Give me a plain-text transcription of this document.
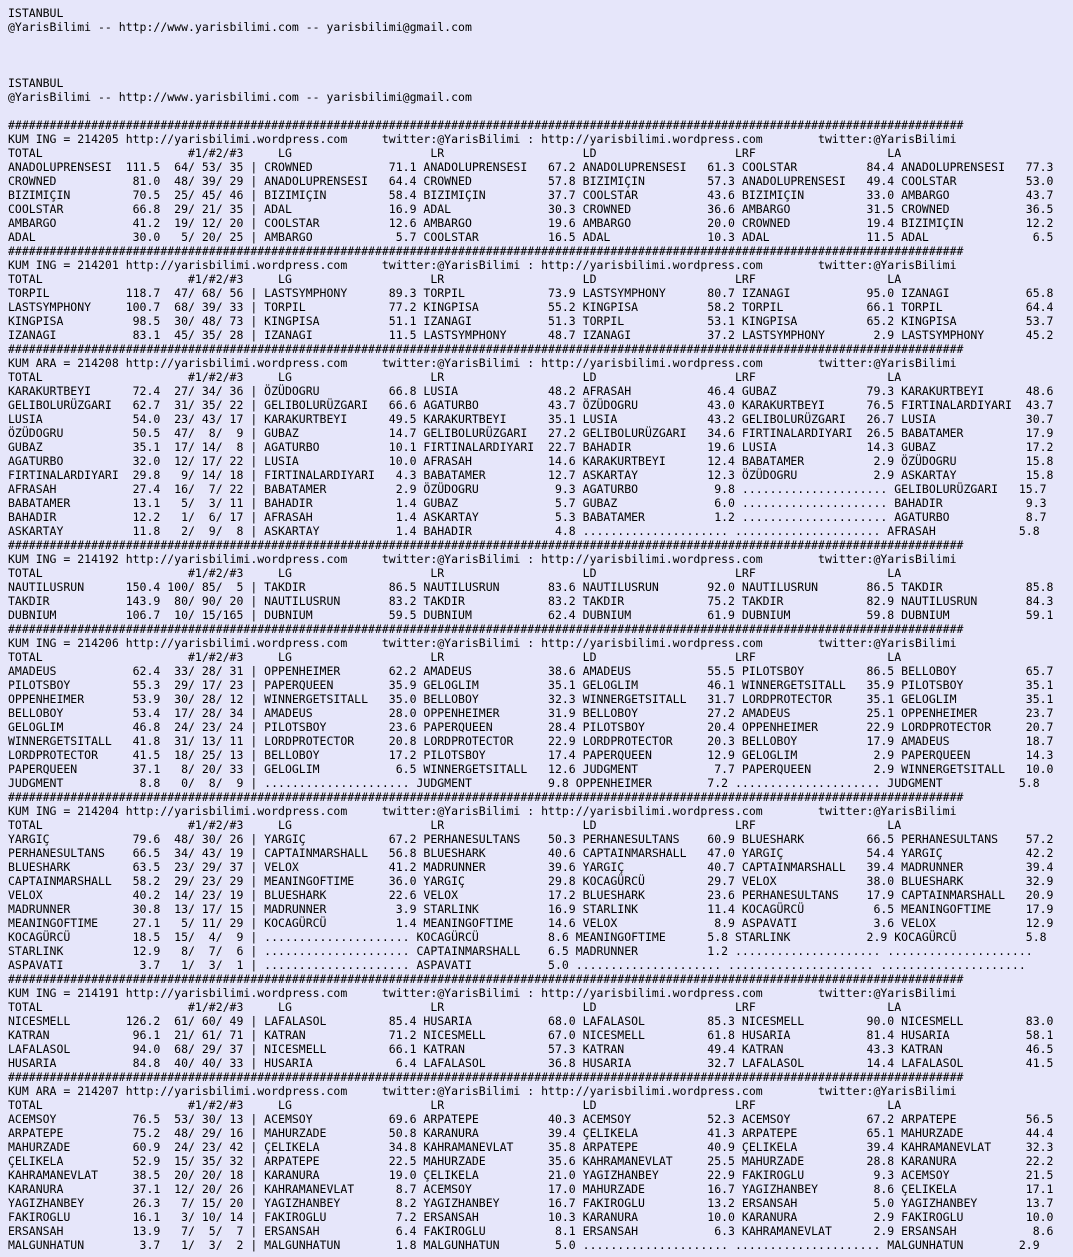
ISTANBUL
@YarisBilimi -- http://www.yarisbilimi.com -- yarisbilimi@gmail.com

ISTANBUL
@YarisBilimi -- http://www.yarisbilimi.com -- yarisbilimi@gmail.com

##########################################################################################################################################
KUM ING = 214205 http://yarisbilimi.wordpress.com     twitter:@YarisBilimi : http://yarisbilimi.wordpress.com        twitter:@YarisBilimi
TOTAL                     #1/#2/#3     LG                    LR                    LD                    LRF                   LA
ANADOLUPRENSESI  111.5  64/ 53/ 35 | CROWNED           71.1 ANADOLUPRENSESI   67.2 ANADOLUPRENSESI   61.3 COOLSTAR          84.4 ANADOLUPRENSESI   77.3
CROWNED           81.0  48/ 39/ 29 | ANADOLUPRENSESI   64.4 CROWNED           57.8 BIZIMIÇIN         57.3 ANADOLUPRENSESI   49.4 COOLSTAR          53.0
BIZIMIÇIN         70.5  25/ 45/ 46 | BIZIMIÇIN         58.4 BIZIMIÇIN         37.7 COOLSTAR          43.6 BIZIMIÇIN         33.0 AMBARGO           43.7
COOLSTAR          66.8  29/ 21/ 35 | ADAL              16.9 ADAL              30.3 CROWNED           36.6 AMBARGO           31.5 CROWNED           36.5
AMBARGO           41.2  19/ 12/ 20 | COOLSTAR          12.6 AMBARGO           19.6 AMBARGO           20.0 CROWNED           19.4 BIZIMIÇIN         12.2
ADAL              30.0   5/ 20/ 25 | AMBARGO            5.7 COOLSTAR          16.5 ADAL              10.3 ADAL              11.5 ADAL               6.5
##########################################################################################################################################
KUM ING = 214201 http://yarisbilimi.wordpress.com     twitter:@YarisBilimi : http://yarisbilimi.wordpress.com        twitter:@YarisBilimi
TOTAL                     #1/#2/#3     LG                    LR                    LD                    LRF                   LA
TORPIL           118.7  47/ 68/ 56 | LASTSYMPHONY      89.3 TORPIL            73.9 LASTSYMPHONY      80.7 IZANAGI           95.0 IZANAGI           65.8
LASTSYMPHONY     100.7  68/ 39/ 33 | TORPIL            77.2 KINGPISA          55.2 KINGPISA          58.2 TORPIL            66.1 TORPIL            64.4
KINGPISA          98.5  30/ 48/ 73 | KINGPISA          51.1 IZANAGI           51.3 TORPIL            53.1 KINGPISA          65.2 KINGPISA          53.7
IZANAGI           83.1  45/ 35/ 28 | IZANAGI           11.5 LASTSYMPHONY      48.7 IZANAGI           37.2 LASTSYMPHONY       2.9 LASTSYMPHONY      45.2
##########################################################################################################################################
KUM ARA = 214208 http://yarisbilimi.wordpress.com     twitter:@YarisBilimi : http://yarisbilimi.wordpress.com        twitter:@YarisBilimi
TOTAL                     #1/#2/#3     LG                    LR                    LD                    LRF                   LA
KARAKURTBEYI      72.4  27/ 34/ 36 | ÖZÜDOGRU          66.8 LUSIA             48.2 AFRASAH           46.4 GUBAZ             79.3 KARAKURTBEYI      48.6
GELIBOLURÜZGARI   62.7  31/ 35/ 22 | GELIBOLURÜZGARI   66.6 AGATURBO          43.7 ÖZÜDOGRU          43.0 KARAKURTBEYI      76.5 FIRTINALARDIYARI  43.7
LUSIA             54.0  23/ 43/ 17 | KARAKURTBEYI      49.5 KARAKURTBEYI      35.1 LUSIA             43.2 GELIBOLURÜZGARI   26.7 LUSIA             30.7
ÖZÜDOGRU          50.5  47/  8/  9 | GUBAZ             14.7 GELIBOLURÜZGARI   27.2 GELIBOLURÜZGARI   34.6 FIRTINALARDIYARI  26.5 BABATAMER         17.9
GUBAZ             35.1  17/ 14/  8 | AGATURBO          10.1 FIRTINALARDIYARI  22.7 BAHADIR           19.6 LUSIA             14.3 GUBAZ             17.2
AGATURBO          32.0  12/ 17/ 22 | LUSIA             10.0 AFRASAH           14.6 KARAKURTBEYI      12.4 BABATAMER          2.9 ÖZÜDOGRU          15.8
FIRTINALARDIYARI  29.8   9/ 14/ 18 | FIRTINALARDIYARI   4.3 BABATAMER         12.7 ASKARTAY          12.3 ÖZÜDOGRU           2.9 ASKARTAY          15.8
AFRASAH           27.4  16/  7/ 22 | BABATAMER          2.9 ÖZÜDOGRU           9.3 AGATURBO           9.8 ..................... GELIBOLURÜZGARI   15.7
BABATAMER         13.1   5/  3/ 11 | BAHADIR            1.4 GUBAZ              5.7 GUBAZ              6.0 ..................... BAHADIR            9.3
BAHADIR           12.2   1/  6/ 17 | AFRASAH            1.4 ASKARTAY           5.3 BABATAMER          1.2 ..................... AGATURBO           8.7
ASKARTAY          11.8   2/  9/  8 | ASKARTAY           1.4 BAHADIR            4.8 ..................... ..................... AFRASAH            5.8
##########################################################################################################################################
KUM ING = 214192 http://yarisbilimi.wordpress.com     twitter:@YarisBilimi : http://yarisbilimi.wordpress.com        twitter:@YarisBilimi
TOTAL                     #1/#2/#3     LG                    LR                    LD                    LRF                   LA
NAUTILUSRUN      150.4 100/ 85/  5 | TAKDIR            86.5 NAUTILUSRUN       83.6 NAUTILUSRUN       92.0 NAUTILUSRUN       86.5 TAKDIR            85.8
TAKDIR           143.9  80/ 90/ 20 | NAUTILUSRUN       83.2 TAKDIR            83.2 TAKDIR            75.2 TAKDIR            82.9 NAUTILUSRUN       84.3
DUBNIUM          106.7  10/ 15/165 | DUBNIUM           59.5 DUBNIUM           62.4 DUBNIUM           61.9 DUBNIUM           59.8 DUBNIUM           59.1
##########################################################################################################################################
KUM ING = 214206 http://yarisbilimi.wordpress.com     twitter:@YarisBilimi : http://yarisbilimi.wordpress.com        twitter:@YarisBilimi
TOTAL                     #1/#2/#3     LG                    LR                    LD                    LRF                   LA
AMADEUS           62.4  33/ 28/ 31 | OPPENHEIMER       62.2 AMADEUS           38.6 AMADEUS           55.5 PILOTSBOY         86.5 BELLOBOY          65.7
PILOTSBOY         55.3  29/ 17/ 23 | PAPERQUEEN        35.9 GELOGLIM          35.1 GELOGLIM          46.1 WINNERGETSITALL   35.9 PILOTSBOY         35.1
OPPENHEIMER       53.9  30/ 28/ 12 | WINNERGETSITALL   35.0 BELLOBOY          32.3 WINNERGETSITALL   31.7 LORDPROTECTOR     35.1 GELOGLIM          35.1
BELLOBOY          53.4  17/ 28/ 34 | AMADEUS           28.0 OPPENHEIMER       31.9 BELLOBOY          27.2 AMADEUS           25.1 OPPENHEIMER       23.7
GELOGLIM          46.8  24/ 23/ 24 | PILOTSBOY         23.6 PAPERQUEEN        28.4 PILOTSBOY         20.4 OPPENHEIMER       22.9 LORDPROTECTOR     20.7
WINNERGETSITALL   41.8  31/ 13/ 11 | LORDPROTECTOR     20.8 LORDPROTECTOR     22.9 LORDPROTECTOR     20.3 BELLOBOY          17.9 AMADEUS           18.7
LORDPROTECTOR     41.5  18/ 25/ 13 | BELLOBOY          17.2 PILOTSBOY         17.4 PAPERQUEEN        12.9 GELOGLIM           2.9 PAPERQUEEN        14.3
PAPERQUEEN        37.1   8/ 20/ 33 | GELOGLIM           6.5 WINNERGETSITALL   12.6 JUDGMENT           7.7 PAPERQUEEN         2.9 WINNERGETSITALL   10.0
JUDGMENT           8.8   0/  8/  9 | ..................... JUDGMENT           9.8 OPPENHEIMER        7.2 ..................... JUDGMENT           5.8
##########################################################################################################################################
KUM ING = 214204 http://yarisbilimi.wordpress.com     twitter:@YarisBilimi : http://yarisbilimi.wordpress.com        twitter:@YarisBilimi
TOTAL                     #1/#2/#3     LG                    LR                    LD                    LRF                   LA
YARGIÇ            79.6  48/ 30/ 26 | YARGIÇ            67.2 PERHANESULTANS    50.3 PERHANESULTANS    60.9 BLUESHARK         66.5 PERHANESULTANS    57.2
PERHANESULTANS    66.5  34/ 43/ 19 | CAPTAINMARSHALL   56.8 BLUESHARK         40.6 CAPTAINMARSHALL   47.0 YARGIÇ            54.4 YARGIÇ            42.2
BLUESHARK         63.5  23/ 29/ 37 | VELOX             41.2 MADRUNNER         39.6 YARGIÇ            40.7 CAPTAINMARSHALL   39.4 MADRUNNER         39.4
CAPTAINMARSHALL   58.2  29/ 23/ 29 | MEANINGOFTIME     36.0 YARGIÇ            29.8 KOCAGÜRCÜ         29.7 VELOX             38.0 BLUESHARK         32.9
VELOX             40.2  14/ 23/ 19 | BLUESHARK         22.6 VELOX             17.2 BLUESHARK         23.6 PERHANESULTANS    17.9 CAPTAINMARSHALL   20.9
MADRUNNER         30.8  13/ 17/ 15 | MADRUNNER          3.9 STARLINK          16.9 STARLINK          11.4 KOCAGÜRCÜ          6.5 MEANINGOFTIME     17.9
MEANINGOFTIME     27.1   5/ 11/ 29 | KOCAGÜRCÜ          1.4 MEANINGOFTIME     14.6 VELOX              8.9 ASPAVATI           3.6 VELOX             12.9
KOCAGÜRCÜ         18.5  15/  4/  9 | ..................... KOCAGÜRCÜ          8.6 MEANINGOFTIME      5.8 STARLINK           2.9 KOCAGÜRCÜ          5.8
STARLINK          12.9   8/  7/  6 | ..................... CAPTAINMARSHALL    6.5 MADRUNNER          1.2 ..................... .....................
ASPAVATI           3.7   1/  3/  1 | ..................... ASPAVATI           5.0 ..................... ..................... .....................
##########################################################################################################################################
KUM ING = 214191 http://yarisbilimi.wordpress.com     twitter:@YarisBilimi : http://yarisbilimi.wordpress.com        twitter:@YarisBilimi
TOTAL                     #1/#2/#3     LG                    LR                    LD                    LRF                   LA
NICESMELL        126.2  61/ 60/ 49 | LAFALASOL         85.4 HUSARIA           68.0 LAFALASOL         85.3 NICESMELL         90.0 NICESMELL         83.0
KATRAN            96.1  21/ 61/ 71 | KATRAN            71.2 NICESMELL         67.0 NICESMELL         61.8 HUSARIA           81.4 HUSARIA           58.1
LAFALASOL         94.0  68/ 29/ 37 | NICESMELL         66.1 KATRAN            57.3 KATRAN            49.4 KATRAN            43.3 KATRAN            46.5
HUSARIA           84.8  40/ 40/ 33 | HUSARIA            6.4 LAFALASOL         36.8 HUSARIA           32.7 LAFALASOL         14.4 LAFALASOL         41.5
##########################################################################################################################################
KUM ARA = 214207 http://yarisbilimi.wordpress.com     twitter:@YarisBilimi : http://yarisbilimi.wordpress.com        twitter:@YarisBilimi
TOTAL                     #1/#2/#3     LG                    LR                    LD                    LRF                   LA
ACEMSOY           76.5  53/ 30/ 13 | ACEMSOY           69.6 ARPATEPE          40.3 ACEMSOY           52.3 ACEMSOY           67.2 ARPATEPE          56.5
ARPATEPE          75.2  48/ 29/ 16 | MAHURZADE         50.8 KARANURA          39.4 ÇELIKELA          41.3 ARPATEPE          65.1 MAHURZADE         44.4
MAHURZADE         60.9  24/ 23/ 42 | ÇELIKELA          34.8 KAHRAMANEVLAT     35.8 ARPATEPE          40.9 ÇELIKELA          39.4 KAHRAMANEVLAT     32.3
ÇELIKELA          52.9  15/ 35/ 32 | ARPATEPE          22.5 MAHURZADE         35.6 KAHRAMANEVLAT     25.5 MAHURZADE         28.8 KARANURA          22.2
KAHRAMANEVLAT     38.5  20/ 20/ 18 | KARANURA          19.0 ÇELIKELA          21.0 YAGIZHANBEY       22.9 FAKIROGLU          9.3 ACEMSOY           21.5
KARANURA          37.1  12/ 20/ 26 | KAHRAMANEVLAT      8.7 ACEMSOY           17.0 MAHURZADE         16.7 YAGIZHANBEY        8.6 ÇELIKELA          17.1
YAGIZHANBEY       26.3   7/ 15/ 20 | YAGIZHANBEY        8.2 YAGIZHANBEY       16.7 FAKIROGLU         13.2 ERSANSAH           5.0 YAGIZHANBEY       13.7
FAKIROGLU         16.1   3/ 10/ 14 | FAKIROGLU          7.2 ERSANSAH          10.3 KARANURA          10.0 KARANURA           2.9 FAKIROGLU         10.0
ERSANSAH          13.9   7/  5/  7 | ERSANSAH           6.4 FAKIROGLU          8.1 ERSANSAH           6.3 KAHRAMANEVLAT      2.9 ERSANSAH           8.6
MALGUNHATUN        3.7   1/  3/  2 | MALGUNHATUN        1.8 MALGUNHATUN        5.0 ..................... ..................... MALGUNHATUN        2.9
